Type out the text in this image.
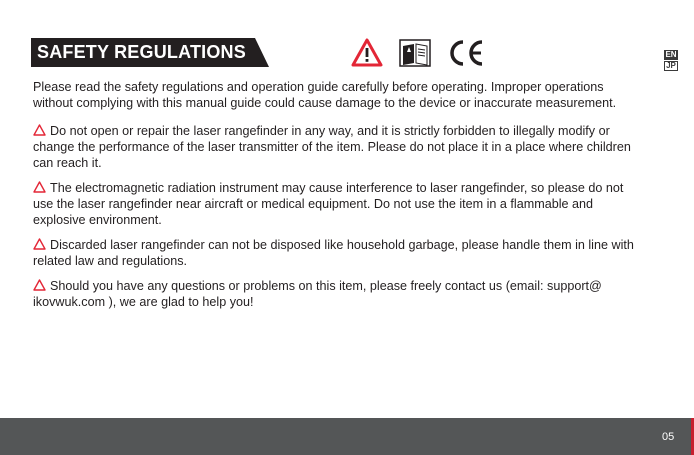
SAFETY REGULATIONS	EN
JP

Please read the safety regulations and operation guide carefully before operating. Improper operations without complying with this manual guide could cause damage to the device or inaccurate measurement.

Do not open or repair the laser rangefinder in any way, and it is strictly forbidden to illegally modify or change the performance of the laser transmitter of the item. Please do not place it in a place where children can reach it.

The electromagnetic radiation instrument may cause interference to laser rangefinder, so please do not use the laser rangefinder near aircraft or medical equipment. Do not use the item in a flammable and explosive environment.

Discarded laser rangefinder can not be disposed like household garbage, please handle them in line with related law and regulations.

Should you have any questions or problems on this item, please freely contact us (email: support@ ikovwuk.com ), we are glad to help you!

05
